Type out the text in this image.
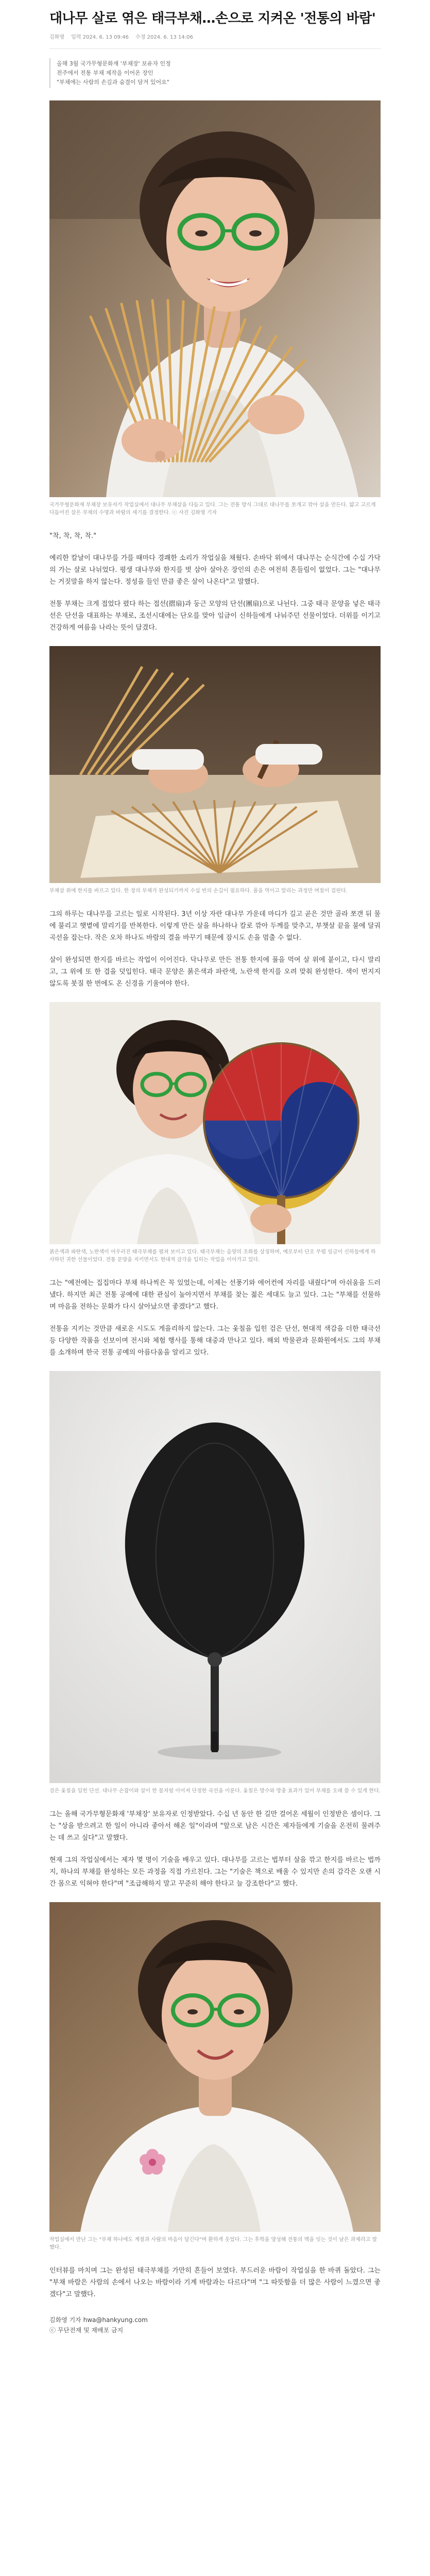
대나무 살로 엮은 태극부채…손으로 지켜온 '전통의 바람'
김화영 입력 2024. 6. 13 09:46 수정 2024. 6. 13 14:06

올해 3월 국가무형문화재 '부채장' 보유자 인정

전주에서 전통 부채 제작을 이어온 장인

"부채에는 사람의 손길과 숨결이 담겨 있어요"

국가무형문화재 부채장 보유자가 작업실에서 대나무 부채살을 다듬고 있다. 그는 전통 방식 그대로 대나무를 쪼개고 깎아 살을 만든다. 얇고 고르게 다듬어진 살은 부채의 수명과 바람의 세기를 결정한다. ⓒ 사진 김화영 기자

"착, 착, 착, 착."

예리한 칼날이 대나무를 가를 때마다 경쾌한 소리가 작업실을 채웠다. 손바닥 위에서 대나무는 순식간에 수십 가닥의 가는 살로 나뉘었다. 평생 대나무와 한지를 벗 삼아 살아온 장인의 손은 여전히 흔들림이 없었다. 그는 "대나무는 거짓말을 하지 않는다. 정성을 들인 만큼 좋은 살이 나온다"고 말했다.

전통 부채는 크게 접었다 폈다 하는 접선(摺扇)과 둥근 모양의 단선(團扇)으로 나뉜다. 그중 태극 문양을 넣은 태극선은 단선을 대표하는 부채로, 조선시대에는 단오를 맞아 임금이 신하들에게 나눠주던 선물이었다. 더위를 이기고 건강하게 여름을 나라는 뜻이 담겼다.

부채살 위에 한지를 바르고 있다. 한 장의 부채가 완성되기까지 수십 번의 손길이 필요하다. 풀을 먹이고 말리는 과정만 며칠이 걸린다.

그의 하루는 대나무를 고르는 일로 시작된다. 3년 이상 자란 대나무 가운데 마디가 길고 곧은 것만 골라 쪼갠 뒤 물에 불리고 햇볕에 말리기를 반복한다. 이렇게 만든 살을 하나하나 칼로 깎아 두께를 맞추고, 부챗살 끝을 불에 달궈 곡선을 잡는다. 작은 오차 하나도 바람의 결을 바꾸기 때문에 잠시도 손을 멈출 수 없다.

살이 완성되면 한지를 바르는 작업이 이어진다. 닥나무로 만든 전통 한지에 풀을 먹여 살 위에 붙이고, 다시 말리고, 그 위에 또 한 겹을 덧입힌다. 태극 문양은 붉은색과 파란색, 노란색 한지를 오려 맞춰 완성한다. 색이 번지지 않도록 붓질 한 번에도 온 신경을 기울여야 한다.

붉은색과 파란색, 노란색이 어우러진 태극부채를 펼쳐 보이고 있다. 태극부채는 음양의 조화를 상징하며, 예로부터 단오 무렵 임금이 신하들에게 하사하던 귀한 선물이었다. 전통 문양을 지키면서도 현대적 감각을 입히는 작업을 이어가고 있다.

그는 "예전에는 집집마다 부채 하나씩은 꼭 있었는데, 이제는 선풍기와 에어컨에 자리를 내줬다"며 아쉬움을 드러냈다. 하지만 최근 전통 공예에 대한 관심이 높아지면서 부채를 찾는 젊은 세대도 늘고 있다. 그는 "부채를 선물하며 마음을 전하는 문화가 다시 살아났으면 좋겠다"고 했다.

전통을 지키는 것만큼 새로운 시도도 게을리하지 않는다. 그는 옻칠을 입힌 검은 단선, 현대적 색감을 더한 태극선 등 다양한 작품을 선보이며 전시와 체험 행사를 통해 대중과 만나고 있다. 해외 박물관과 문화원에서도 그의 부채를 소개하며 한국 전통 공예의 아름다움을 알리고 있다.

검은 옻칠을 입힌 단선. 대나무 손잡이와 살이 한 몸처럼 이어져 단정한 곡선을 이룬다. 옻칠은 방수와 방충 효과가 있어 부채를 오래 쓸 수 있게 한다.

그는 올해 국가무형문화재 '부채장' 보유자로 인정받았다. 수십 년 동안 한 길만 걸어온 세월이 인정받은 셈이다. 그는 "상을 받으려고 한 일이 아니라 좋아서 해온 일"이라며 "앞으로 남은 시간은 제자들에게 기술을 온전히 물려주는 데 쓰고 싶다"고 말했다.

현재 그의 작업실에서는 제자 몇 명이 기술을 배우고 있다. 대나무를 고르는 법부터 살을 깎고 한지를 바르는 법까지, 하나의 부채를 완성하는 모든 과정을 직접 가르친다. 그는 "기술은 책으로 배울 수 있지만 손의 감각은 오랜 시간 몸으로 익혀야 한다"며 "조급해하지 말고 꾸준히 해야 한다고 늘 강조한다"고 했다.

작업실에서 만난 그는 "부채 하나에도 계절과 사람의 마음이 담긴다"며 환하게 웃었다. 그는 후학을 양성해 전통의 맥을 잇는 것이 남은 과제라고 말했다.

인터뷰를 마치며 그는 완성된 태극부채를 가만히 흔들어 보였다. 부드러운 바람이 작업실을 한 바퀴 돌았다. 그는 "부채 바람은 사람의 손에서 나오는 바람이라 기계 바람과는 다르다"며 "그 따뜻함을 더 많은 사람이 느꼈으면 좋겠다"고 말했다.

김화영 기자 hwa@hankyung.com

ⓒ 무단전재 및 재배포 금지
